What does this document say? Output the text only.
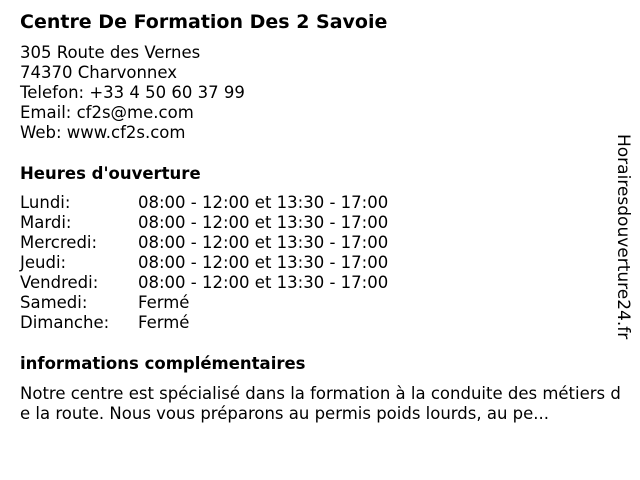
Centre De Formation Des 2 Savoie
305 Route des Vernes
74370 Charvonnex
Telefon: +33 4 50 60 37 99
Email: cf2s@me.com
Web: www.cf2s.com
Heures d'ouverture
Lundi:	08:00 - 12:00 et 13:30 - 17:00
Mardi:	08:00 - 12:00 et 13:30 - 17:00
Mercredi:	08:00 - 12:00 et 13:30 - 17:00
Jeudi:	08:00 - 12:00 et 13:30 - 17:00
Vendredi:	08:00 - 12:00 et 13:30 - 17:00
Samedi:	Fermé
Dimanche:	Fermé
informations complémentaires
Notre centre est spécialisé dans la formation à la conduite des métiers de la route. Nous vous préparons au permis poids lourds, au pe...
Horairesdouverture24.fr
